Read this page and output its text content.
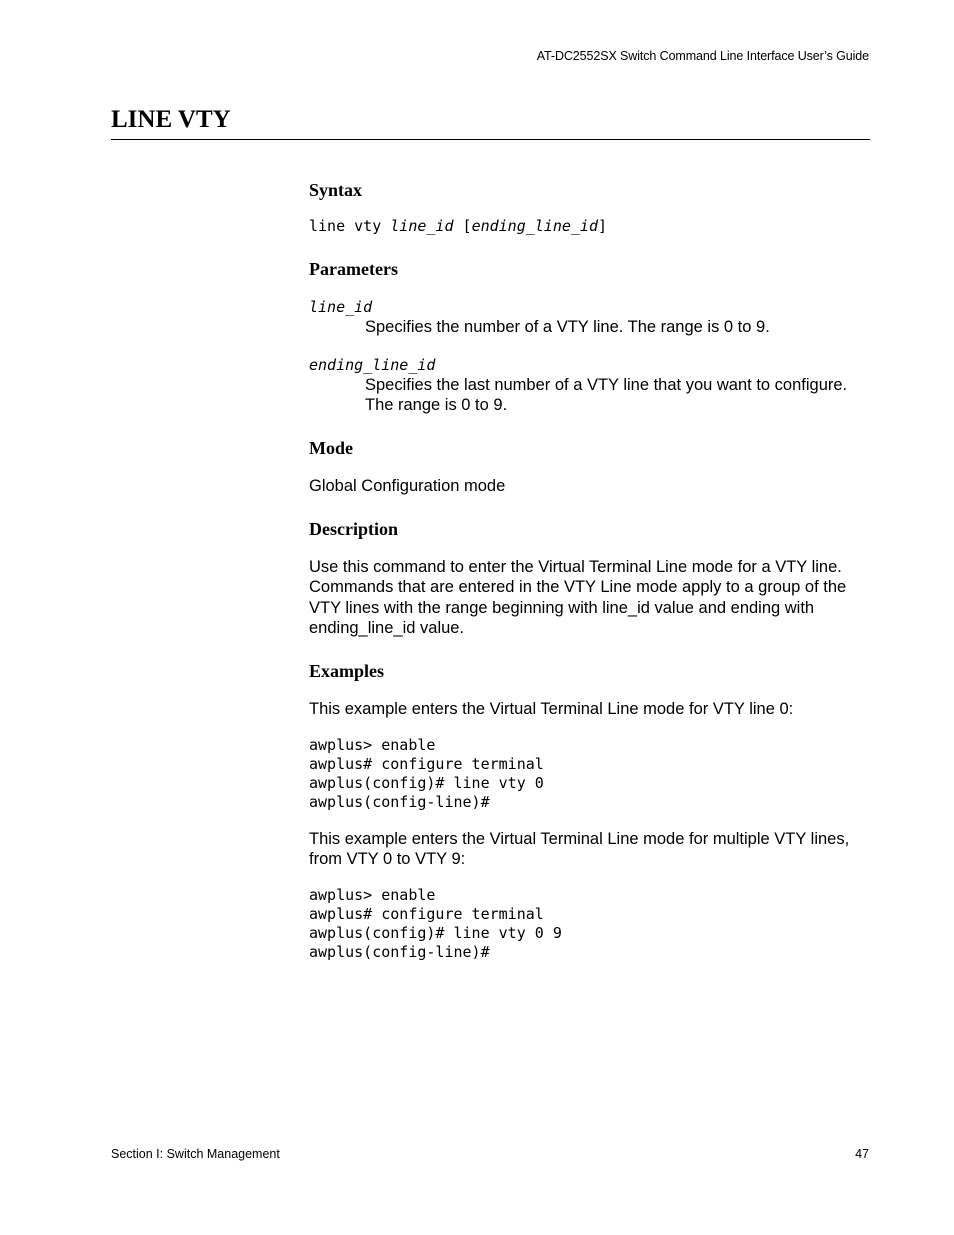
AT-DC2552SX Switch Command Line Interface User’s Guide
LINE VTY
Syntax
line vty line_id [ending_line_id]
Parameters
line_id

Specifies the number of a VTY line. The range is 0 to 9.

ending_line_id

Specifies the last number of a VTY line that you want to configure. The range is 0 to 9.

Mode

Global Configuration mode

Description

Use this command to enter the Virtual Terminal Line mode for a VTY line. Commands that are entered in the VTY Line mode apply to a group of the VTY lines with the range beginning with line_id value and ending with ending_line_id value.

Examples

This example enters the Virtual Terminal Line mode for VTY line 0:

awplus> enable
awplus# configure terminal
awplus(config)# line vty 0
awplus(config-line)#

This example enters the Virtual Terminal Line mode for multiple VTY lines, from VTY 0 to VTY 9:

awplus> enable
awplus# configure terminal
awplus(config)# line vty 0 9
awplus(config-line)#
Section I: Switch Management	47
